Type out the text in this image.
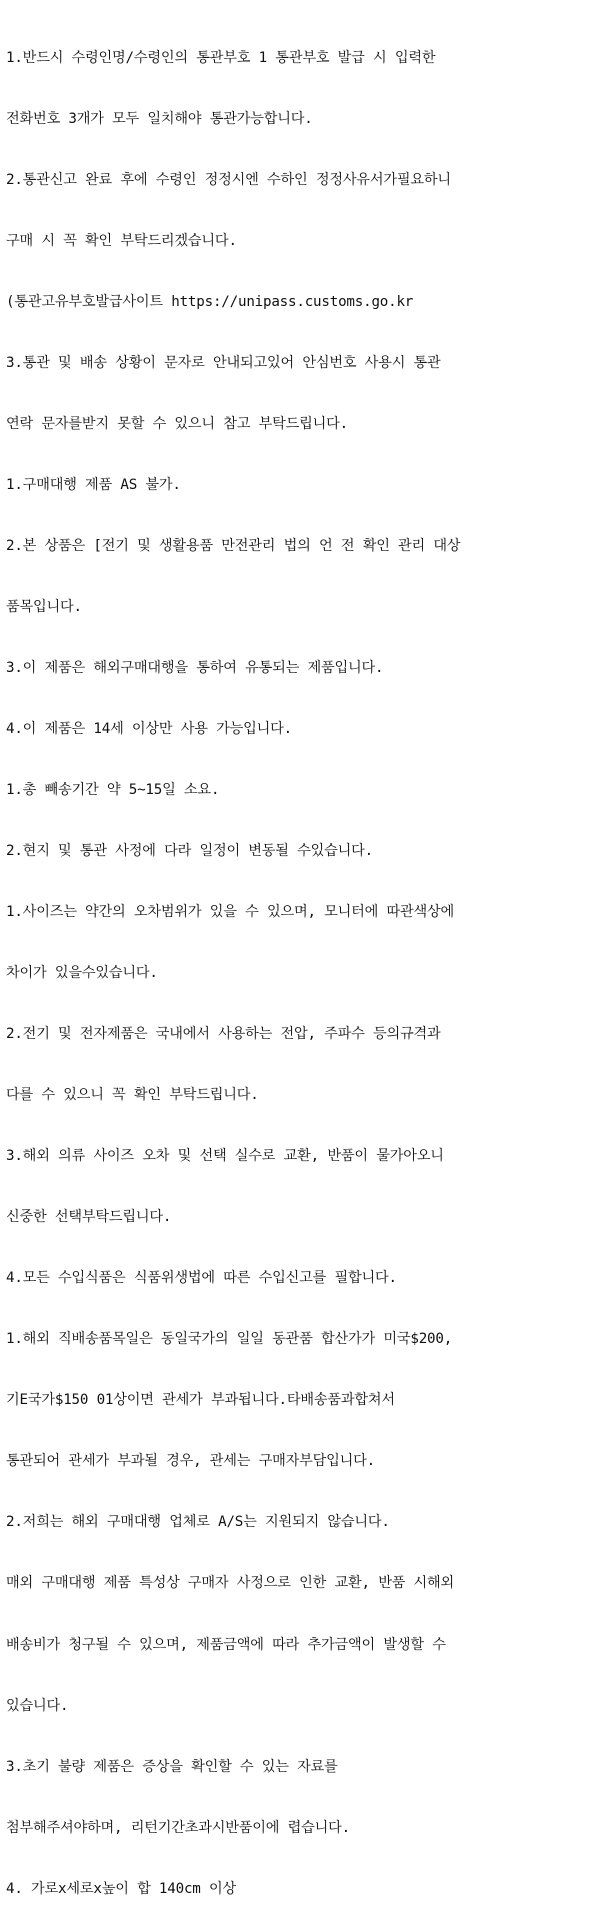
1.반드시 수령인명/수령인의 통관부호 1 통관부호 발급 시 입력한

전화번호 3개가 모두 일치해야 통관가능합니다.

2.통관신고 완료 후에 수령인 정정시엔 수하인 정정사유서가필요하니

구매 시 꼭 확인 부탁드리겠습니다.

(통관고유부호발급사이트 https://unipass.customs.go.kr

3.통관 및 배송 상황이 문자로 안내되고있어 안심번호 사용시 통관

연락 문자를받지 못할 수 있으니 참고 부탁드립니다.

1.구매대행 제품 AS 불가.

2.본 상품은 [전기 및 생활용품 만전관리 법의 언 전 확인 관리 대상

품목입니다.

3.이 제품은 해외구매대행을 통하여 유통되는 제품입니다.

4.이 제품은 14세 이상만 사용 가능입니다.

1.총 빼송기간 약 5~15일 소요.

2.현지 및 통관 사정에 다라 일정이 변동될 수있습니다.

1.사이즈는 약간의 오차범위가 있을 수 있으며, 모니터에 따관색상에

차이가 있을수있습니다.

2.전기 및 전자제품은 국내에서 사용하는 전압, 주파수 등의규격과

다를 수 있으니 꼭 확인 부탁드립니다.

3.해외 의류 사이즈 오차 및 선택 실수로 교환, 반품이 물가아오니

신중한 선택부탁드립니다.

4.모든 수입식품은 식품위생법에 따른 수입신고를 필합니다.

1.해외 직배송품목일은 동일국가의 일일 동관품 합산가가 미국$200,

기E국가$150 01상이면 관세가 부과됩니다.타배송품과합쳐서

통관되어 관세가 부과될 경우, 관세는 구매자부담입니다.

2.저희는 해외 구매대행 업체로 A/S는 지원되지 않습니다.

매외 구매대행 제품 특성상 구매자 사정으로 인한 교환, 반품 시해외

배송비가 청구될 수 있으며, 제품금액에 따라 추가금액이 발생할 수

있습니다.

3.초기 불량 제품은 증상을 확인할 수 있는 자료를

첨부해주셔야하며, 리턴기간초과시반품이에 렵습니다.

4. 가로x세로x높이 합 140cm 이상
